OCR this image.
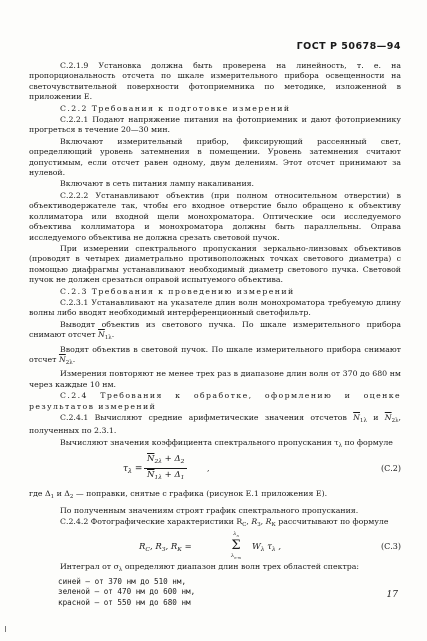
ГОСТ Р 50678—94

С.2.1.9 Установка должна быть проверена на линейность, т. е. на пропорциональность отсчета по шкале измерительного прибора освещенности на светочувствительной поверхности фотоприемника по методике, изложенной в приложении Е.

С.2.2 Требования к подготовке измерений

С.2.2.1 Подают напряжение питания на фотоприемник и дают фотоприемнику прогреться в течение 20—30 мин.

Включают измерительный прибор, фиксирующий рассеянный свет, определяющий уровень затемнения в помещении. Уровень затемнения считают допустимым, если отсчет равен одному, двум делениям. Этот отсчет принимают за нулевой.

Включают в сеть питания лампу накаливания.

С.2.2.2 Устанавливают объектив (при полном относительном отверстии) в объективодержателе так, чтобы его входное отверстие было обращено к объективу коллиматора или входной щели монохроматора. Оптические оси исследуемого объектива коллиматора и монохроматора должны быть параллельны. Оправа исследуемого объектива не должна срезать световой пучок.

При измерении спектрального пропускания зеркально-линзовых объективов (проводят в четырех диаметрально противоположных точках светового диаметра) с помощью диафрагмы устанавливают необходимый диаметр светового пучка. Световой пучок не должен срезаться оправой испытуемого объектива.

С.2.3 Требования к проведению измерений

С.2.3.1 Устанавливают на указателе длин волн монохроматора требуемую длину волны либо вводят необходимый интерференционный светофильтр.

Выводят объектив из светового пучка. По шкале измерительного прибора снимают отсчет $\overline{N}_{1\lambda}$.

Вводят объектив в световой пучок. По шкале измерительного прибора снимают отсчет $\overline{N}_{2\lambda}$.

Измерения повторяют не менее трех раз в диапазоне длин волн от 370 до 680 нм через каждые 10 нм.

С.2.4 Требования к обработке, оформлению и оценке результатов измерений

С.2.4.1 Вычисляют средние арифметические значения отсчетов $\overline{N}_{1\lambda}$ и $\overline{N}_{2\lambda}$, полученных по 2.3.1.

Вычисляют значения коэффициента спектрального пропускания $\tau_\lambda$ по формуле

$\tau_\lambda = \frac{\overline{N}_{2\lambda} + \Delta_2}{\overline{N}_{1\lambda} + \Delta_1}$	,	(С.2)

где $\Delta_1$ и $\Delta_2$ — поправки, снятые с графика (рисунок Е.1 приложения Е).

По полученным значениям строят график спектрального пропускания.

С.2.4.2 Фотографические характеристики $R_С$, $R_З$, $R_К$ рассчитывают по формуле

$R_С$, $R_З$, $R_К$ =
$\lambda_n$
Σ
$\lambda_{n-m}$
$W_\lambda$ $\tau_\lambda$ ,	(С.3)

Интеграл от $\sigma_\lambda$ определяют диапазон длин волн трех областей спектра:

синей — от 370 нм до 510 нм,
зеленой — от 470 нм до 600 нм,
красной — от 550 нм до 680 нм
17
